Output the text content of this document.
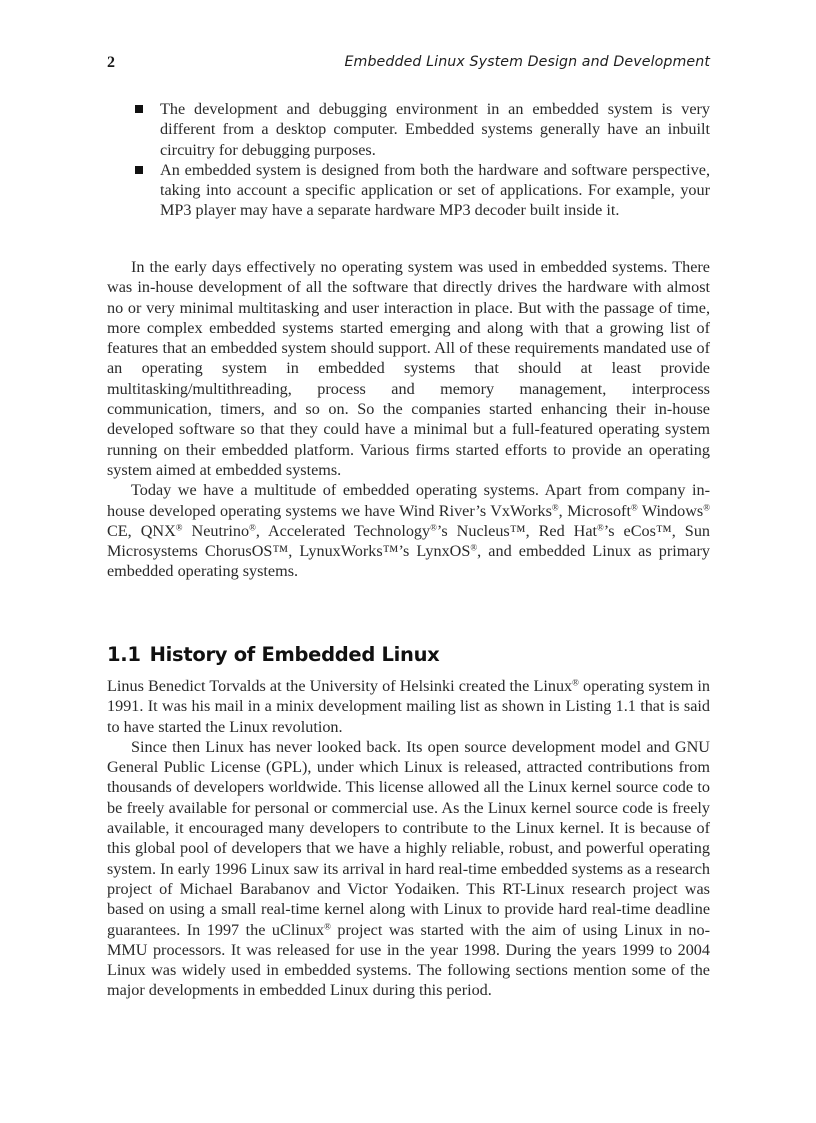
2	Embedded Linux System Design and Development
The development and debugging environment in an embedded system is very different from a desktop computer. Embedded systems generally have an inbuilt circuitry for debugging purposes.
An embedded system is designed from both the hardware and software perspective, taking into account a specific application or set of applications. For example, your MP3 player may have a separate hardware MP3 decoder built inside it.

In the early days effectively no operating system was used in embedded systems. There was in-house development of all the software that directly drives the hardware with almost no or very minimal multitasking and user interaction in place. But with the passage of time, more complex embedded systems started emerging and along with that a growing list of features that an embedded system should support. All of these requirements mandated use of an operating system in embedded systems that should at least provide multitasking/multithreading, process and memory management, interprocess communication, timers, and so on. So the companies started enhancing their in-house developed software so that they could have a minimal but a full-featured operating system running on their embedded platform. Various firms started efforts to provide an operating system aimed at embedded systems.

Today we have a multitude of embedded operating systems. Apart from company in-house developed operating systems we have Wind River’s VxWorks®, Microsoft® Windows® CE, QNX® Neutrino®, Accelerated Technology®’s Nucleus™, Red Hat®’s eCos™, Sun Microsystems ChorusOS™, LynuxWorks™’s LynxOS®, and embedded Linux as primary embedded operating systems.

1.1 History of Embedded Linux

Linus Benedict Torvalds at the University of Helsinki created the Linux® operating system in 1991. It was his mail in a minix development mailing list as shown in Listing 1.1 that is said to have started the Linux revolution.

Since then Linux has never looked back. Its open source development model and GNU General Public License (GPL), under which Linux is released, attracted contributions from thousands of developers worldwide. This license allowed all the Linux kernel source code to be freely available for personal or commercial use. As the Linux kernel source code is freely available, it encouraged many developers to contribute to the Linux kernel. It is because of this global pool of developers that we have a highly reliable, robust, and powerful operating system. In early 1996 Linux saw its arrival in hard real-time embedded systems as a research project of Michael Barabanov and Victor Yodaiken. This RT-Linux research project was based on using a small real-time kernel along with Linux to provide hard real-time deadline guarantees. In 1997 the uClinux® project was started with the aim of using Linux in no-MMU processors. It was released for use in the year 1998. During the years 1999 to 2004 Linux was widely used in embedded systems. The following sections mention some of the major developments in embedded Linux during this period.
